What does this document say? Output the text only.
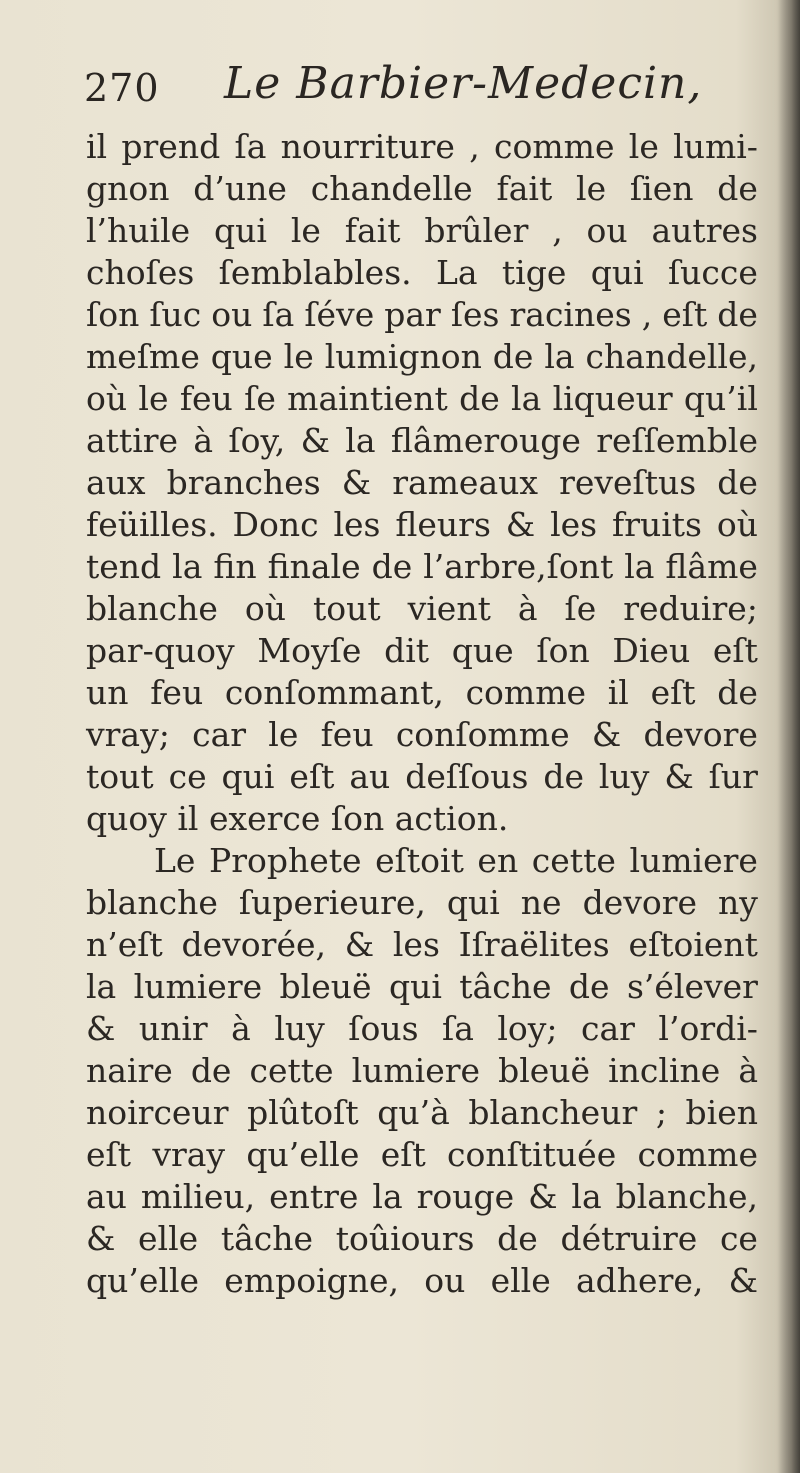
270 Le Barbier-Medecin,
il prend ſa nourriture , comme le lumi-
gnon d’une chandelle fait le ſien de
l’huile qui le fait brûler , ou autres
choſes ſemblables. La tige qui ſucce
ſon ſuc ou ſa ſéve par ſes racines , eſt de
meſme que le lumignon de la chandelle,
où le feu ſe maintient de la liqueur qu’il
attire à ſoy, & la flâmerouge reſſemble
aux branches & rameaux reveſtus de
feüilles. Donc les fleurs & les fruits où
tend la fin finale de l’arbre,ſont la flâme
blanche où tout vient à ſe reduire;
par-quoy Moyſe dit que ſon Dieu eſt
un feu conſommant, comme il eſt de
vray; car le feu conſomme & devore
tout ce qui eſt au deſſous de luy & ſur
quoy il exerce ſon action.
Le Prophete eſtoit en cette lumiere
blanche ſuperieure, qui ne devore ny
n’eſt devorée, & les Iſraëlites eſtoient
la lumiere bleuë qui tâche de s’élever
& unir à luy ſous ſa loy; car l’ordi-
naire de cette lumiere bleuë incline à
noirceur plûtoſt qu’à blancheur ; bien
eſt vray qu’elle eſt conſtituée comme
au milieu, entre la rouge & la blanche,
& elle tâche toûiours de détruire ce
qu’elle empoigne, ou elle adhere, &
